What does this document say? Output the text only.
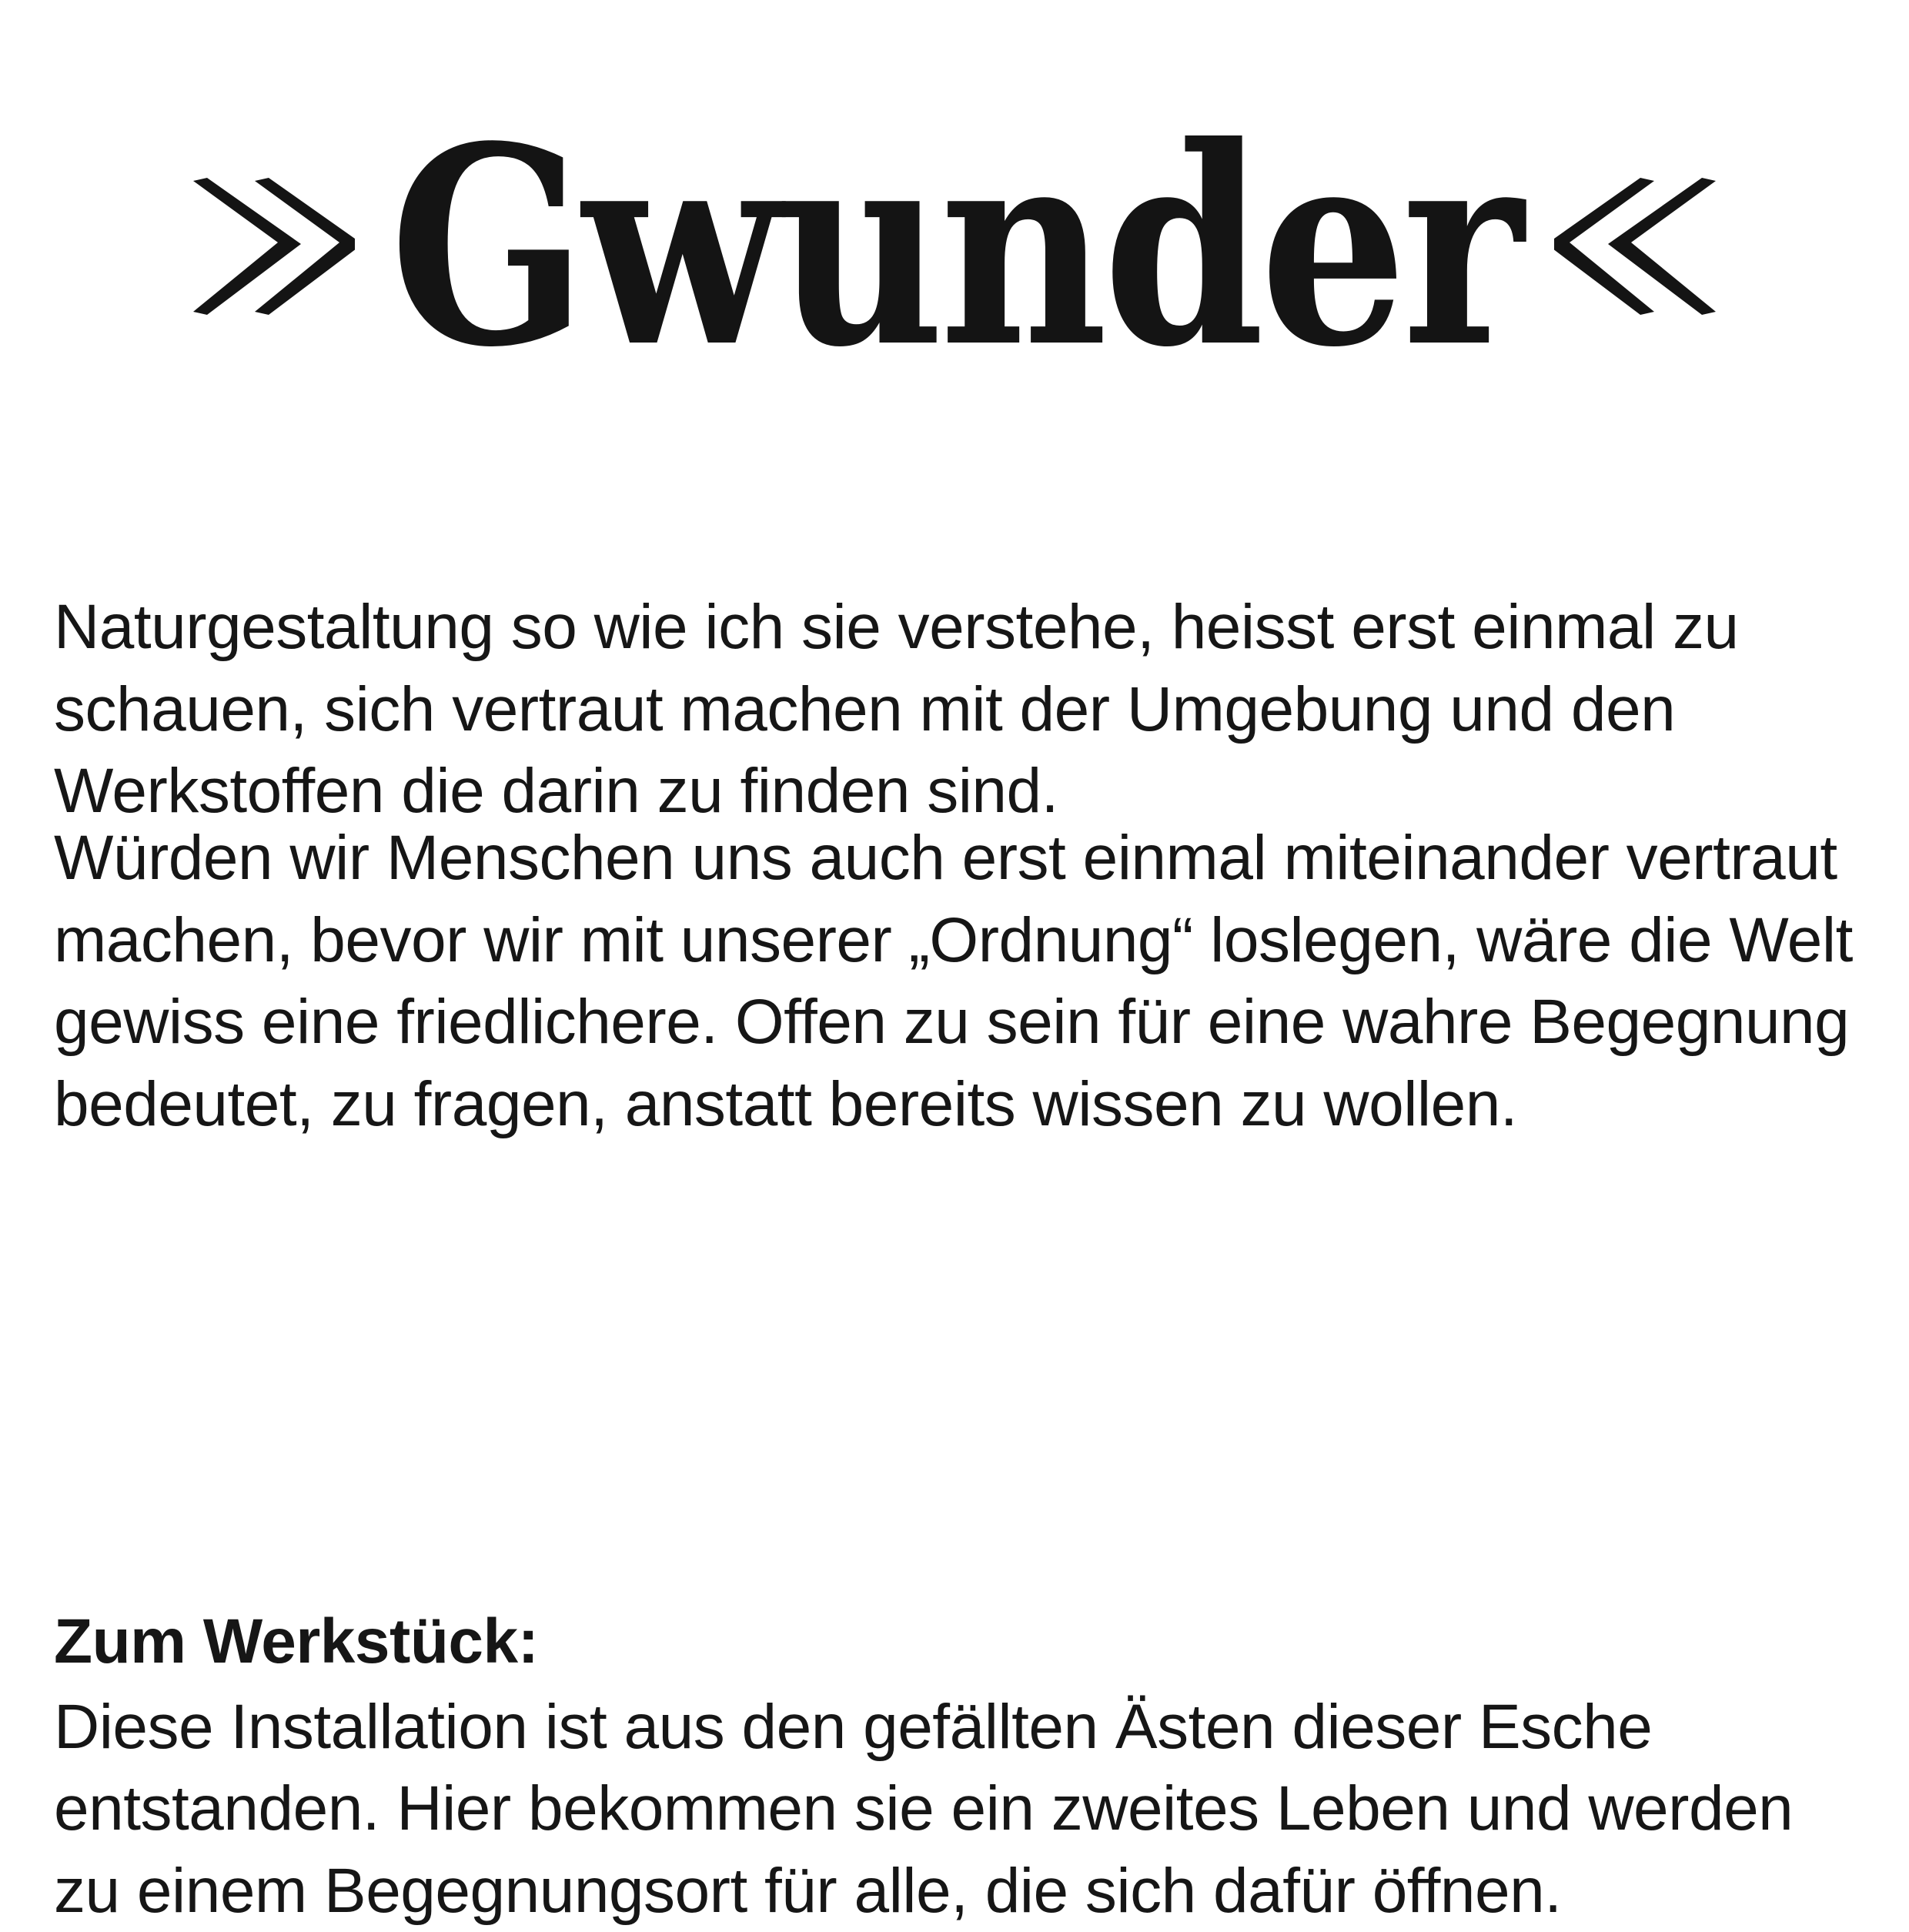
Gwunder

Naturgestaltung so wie ich sie verstehe, heisst erst einmal zu schauen, sich vertraut machen mit der Umgebung und den Werkstoffen die darin zu finden sind.

Würden wir Menschen uns auch erst einmal miteinander vertraut machen, bevor wir mit unserer „Ordnung“ loslegen, wäre die Welt gewiss eine friedlichere. Offen zu sein für eine wahre Begegnung bedeutet, zu fragen, anstatt bereits wissen zu wollen.

Zum Werkstück:
Diese Installation ist aus den gefällten Ästen dieser Esche entstanden. Hier bekommen sie ein zweites Leben und werden zu einem Begegnungsort für alle, die sich dafür öffnen.
